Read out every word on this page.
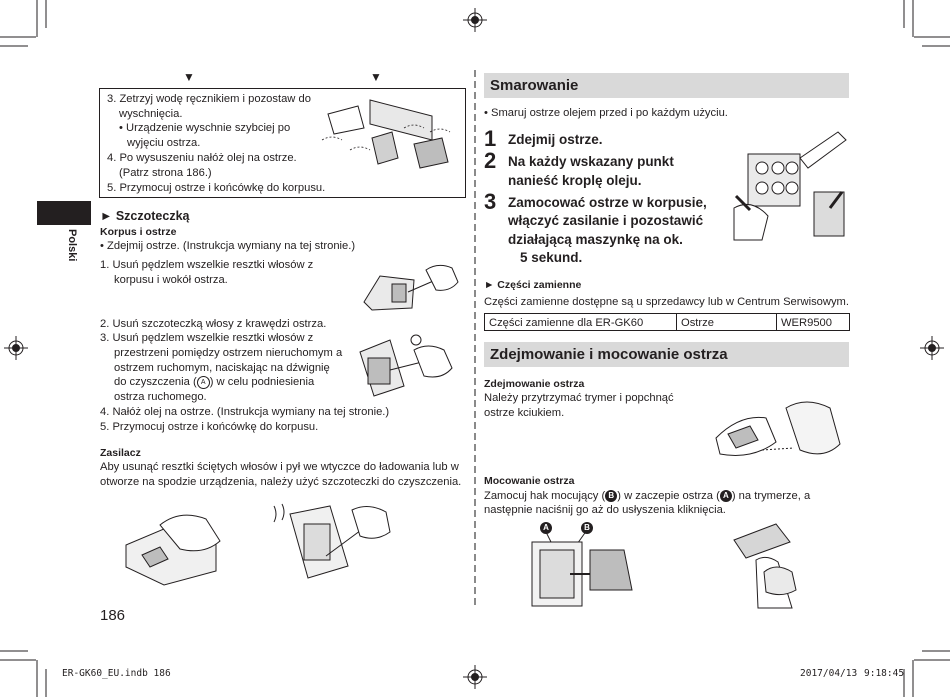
▼	▼
Polski
3. Zetrzyj wodę ręcznikiem i pozostaw do
wyschnięcia.
• Urządzenie wyschnie szybciej po
wyjęciu ostrza.
4. Po wysuszeniu nałóż olej na ostrze.
(Patrz strona 186.)
5. Przymocuj ostrze i końcówkę do korpusu.
► Szczoteczką
Korpus i ostrze
• Zdejmij ostrze. (Instrukcja wymiany na tej stronie.)
1. Usuń pędzlem wszelkie resztki włosów z
korpusu i wokół ostrza.
2. Usuń szczoteczką włosy z krawędzi ostrza.
3. Usuń pędzlem wszelkie resztki włosów z
przestrzeni pomiędzy ostrzem nieruchomym a
ostrzem ruchomym, naciskając na dźwignię
do czyszczenia ( A ) w celu podniesienia
ostrza ruchomego.
4. Nałóż olej na ostrze. (Instrukcja wymiany na tej stronie.)
5. Przymocuj ostrze i końcówkę do korpusu.
Zasilacz
Aby usunąć resztki ściętych włosów i pył we wtyczce do ładowania lub w
otworze na spodzie urządzenia, należy użyć szczoteczki do czyszczenia.
186
Smarowanie
• Smaruj ostrze olejem przed i po każdym użyciu.
1 Zdejmij ostrze.
2 Na każdy wskazany punkt
nanieść kroplę oleju.
3 Zamocować ostrze w korpusie,
włączyć zasilanie i pozostawić
działającą maszynkę na ok.
5 sekund.
► Części zamienne
Części zamienne dostępne są u sprzedawcy lub w Centrum Serwisowym.
Części zamienne dla ER-GK60	Ostrze	WER9500
Zdejmowanie i mocowanie ostrza
Zdejmowanie ostrza
Należy przytrzymać trymer i popchnąć
ostrze kciukiem.
Mocowanie ostrza
Zamocuj hak mocujący ( B ) w zaczepie ostrza ( A ) na trymerze, a
następnie naciśnij go aż do usłyszenia kliknięcia.
A	B
ER-GK60_EU.indb 186	2017/04/13 9:18:45
